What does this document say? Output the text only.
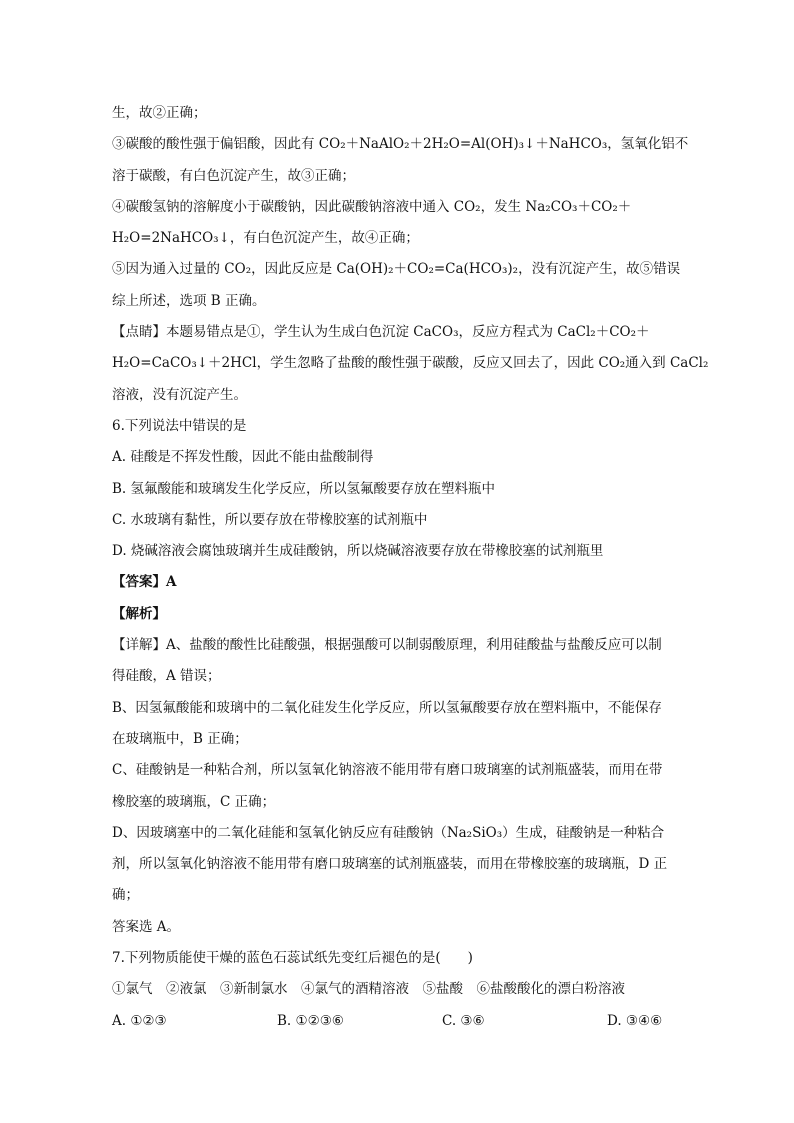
生，故②正确；
③碳酸的酸性强于偏铝酸，因此有 CO₂＋NaAlO₂＋2H₂O=Al(OH)₃↓＋NaHCO₃，氢氧化铝不
溶于碳酸，有白色沉淀产生，故③正确；
④碳酸氢钠的溶解度小于碳酸钠，因此碳酸钠溶液中通入 CO₂，发生 Na₂CO₃＋CO₂＋
H₂O=2NaHCO₃↓，有白色沉淀产生，故④正确；
⑤因为通入过量的 CO₂，因此反应是 Ca(OH)₂＋CO₂=Ca(HCO₃)₂，没有沉淀产生，故⑤错误
综上所述，选项 B 正确。
【点睛】本题易错点是①，学生认为生成白色沉淀 CaCO₃，反应方程式为 CaCl₂＋CO₂＋
H₂O=CaCO₃↓＋2HCl，学生忽略了盐酸的酸性强于碳酸，反应又回去了，因此 CO₂通入到 CaCl₂
溶液，没有沉淀产生。
6.下列说法中错误的是
A. 硅酸是不挥发性酸，因此不能由盐酸制得
B. 氢氟酸能和玻璃发生化学反应，所以氢氟酸要存放在塑料瓶中
C. 水玻璃有黏性，所以要存放在带橡胶塞的试剂瓶中
D. 烧碱溶液会腐蚀玻璃并生成硅酸钠，所以烧碱溶液要存放在带橡胶塞的试剂瓶里
【答案】A
【解析】
【详解】A、盐酸的酸性比硅酸强，根据强酸可以制弱酸原理，利用硅酸盐与盐酸反应可以制
得硅酸，A 错误；
B、因氢氟酸能和玻璃中的二氧化硅发生化学反应，所以氢氟酸要存放在塑料瓶中，不能保存
在玻璃瓶中，B 正确；
C、硅酸钠是一种粘合剂，所以氢氧化钠溶液不能用带有磨口玻璃塞的试剂瓶盛装，而用在带
橡胶塞的玻璃瓶，C 正确；
D、因玻璃塞中的二氧化硅能和氢氧化钠反应有硅酸钠（Na₂SiO₃）生成，硅酸钠是一种粘合
剂，所以氢氧化钠溶液不能用带有磨口玻璃塞的试剂瓶盛装，而用在带橡胶塞的玻璃瓶，D 正
确；
答案选 A。
7.下列物质能使干燥的蓝色石蕊试纸先变红后褪色的是(　　)
①氯气　②液氯　③新制氯水　④氯气的酒精溶液　⑤盐酸　⑥盐酸酸化的漂白粉溶液
A. ①②③	B. ①②③⑥	C. ③⑥	D. ③④⑥
